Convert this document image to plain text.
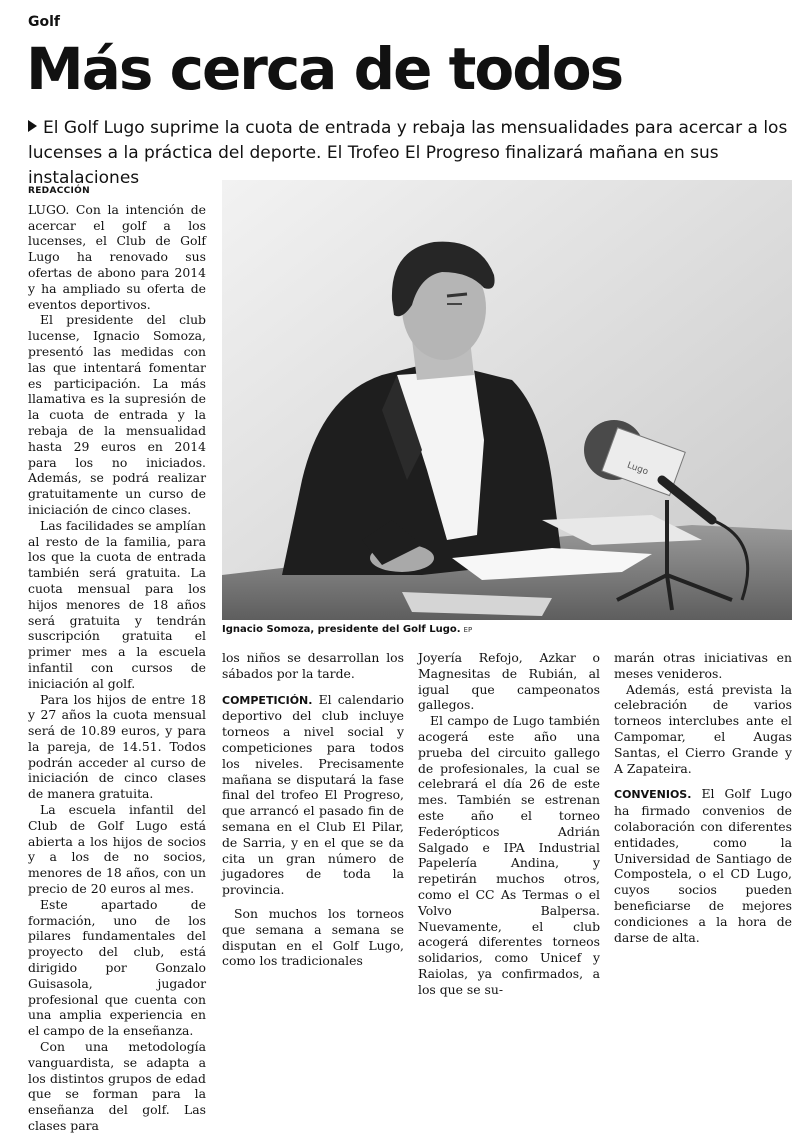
Golf
Más cerca de todos

El Golf Lugo suprime la cuota de entrada y rebaja las mensualidades para acercar a los lucenses a la práctica del deporte. El Trofeo El Progreso finalizará mañana en sus instalaciones

REDACCIÓN

LUGO. Con la intención de acercar el golf a los lucenses, el Club de Golf Lugo ha renovado sus ofertas de abono para 2014 y ha ampliado su oferta de eventos deportivos.

El presidente del club lucense, Ignacio Somoza, presentó las medidas con las que intentará fomentar es participación. La más llamativa es la supresión de la cuota de entrada y la rebaja de la mensualidad hasta 29 euros en 2014 para los no iniciados. Además, se podrá realizar gratuitamente un curso de iniciación de cinco clases.

Las facilidades se amplían al resto de la familia, para los que la cuota de entrada también será gratuita. La cuota mensual para los hijos menores de 18 años será gratuita y tendrán suscripción gratuita el primer mes a la escuela infantil con cursos de iniciación al golf.

Para los hijos de entre 18 y 27 años la cuota mensual será de 10.89 euros, y para la pareja, de 14.51. Todos podrán acceder al curso de iniciación de cinco clases de manera gratuita.

La escuela infantil del Club de Golf Lugo está abierta a los hijos de socios y a los de no socios, menores de 18 años, con un precio de 20 euros al mes.

Este apartado de formación, uno de los pilares fundamentales del proyecto del club, está dirigido por Gonzalo Guisasola, jugador profesional que cuenta con una amplia experiencia en el campo de la enseñanza.

Con una metodología vanguardista, se adapta a los distintos grupos de edad que se forman para la enseñanza del golf. Las clases para

Lugo
Ignacio Somoza, presidente del Golf Lugo. EP

los niños se desarrollan los sábados por la tarde.

COMPETICIÓN. El calendario deportivo del club incluye torneos a nivel social y competiciones para todos los niveles. Precisamente mañana se disputará la fase final del trofeo El Progreso, que arrancó el pasado fin de semana en el Club El Pilar, de Sarria, y en el que se da cita un gran número de jugadores de toda la provincia.

Son muchos los torneos que semana a semana se disputan en el Golf Lugo, como los tradicionales

Joyería Refojo, Azkar o Magnesitas de Rubián, al igual que campeonatos gallegos.

El campo de Lugo también acogerá este año una prueba del circuito gallego de profesionales, la cual se celebrará el día 26 de este mes. También se estrenan este año el torneo Federópticos Adrián Salgado e IPA Industrial Papelería Andina, y repetirán muchos otros, como el CC As Termas o el Volvo Balpersa. Nuevamente, el club acogerá diferentes torneos solidarios, como Unicef y Raiolas, ya confirmados, a los que se su-

marán otras iniciativas en meses venideros.

Además, está prevista la celebración de varios torneos interclubes ante el Campomar, el Augas Santas, el Cierro Grande y A Zapateira.

CONVENIOS. El Golf Lugo ha firmado convenios de colaboración con diferentes entidades, como la Universidad de Santiago de Compostela, o el CD Lugo, cuyos socios pueden beneficiarse de mejores condiciones a la hora de darse de alta.
